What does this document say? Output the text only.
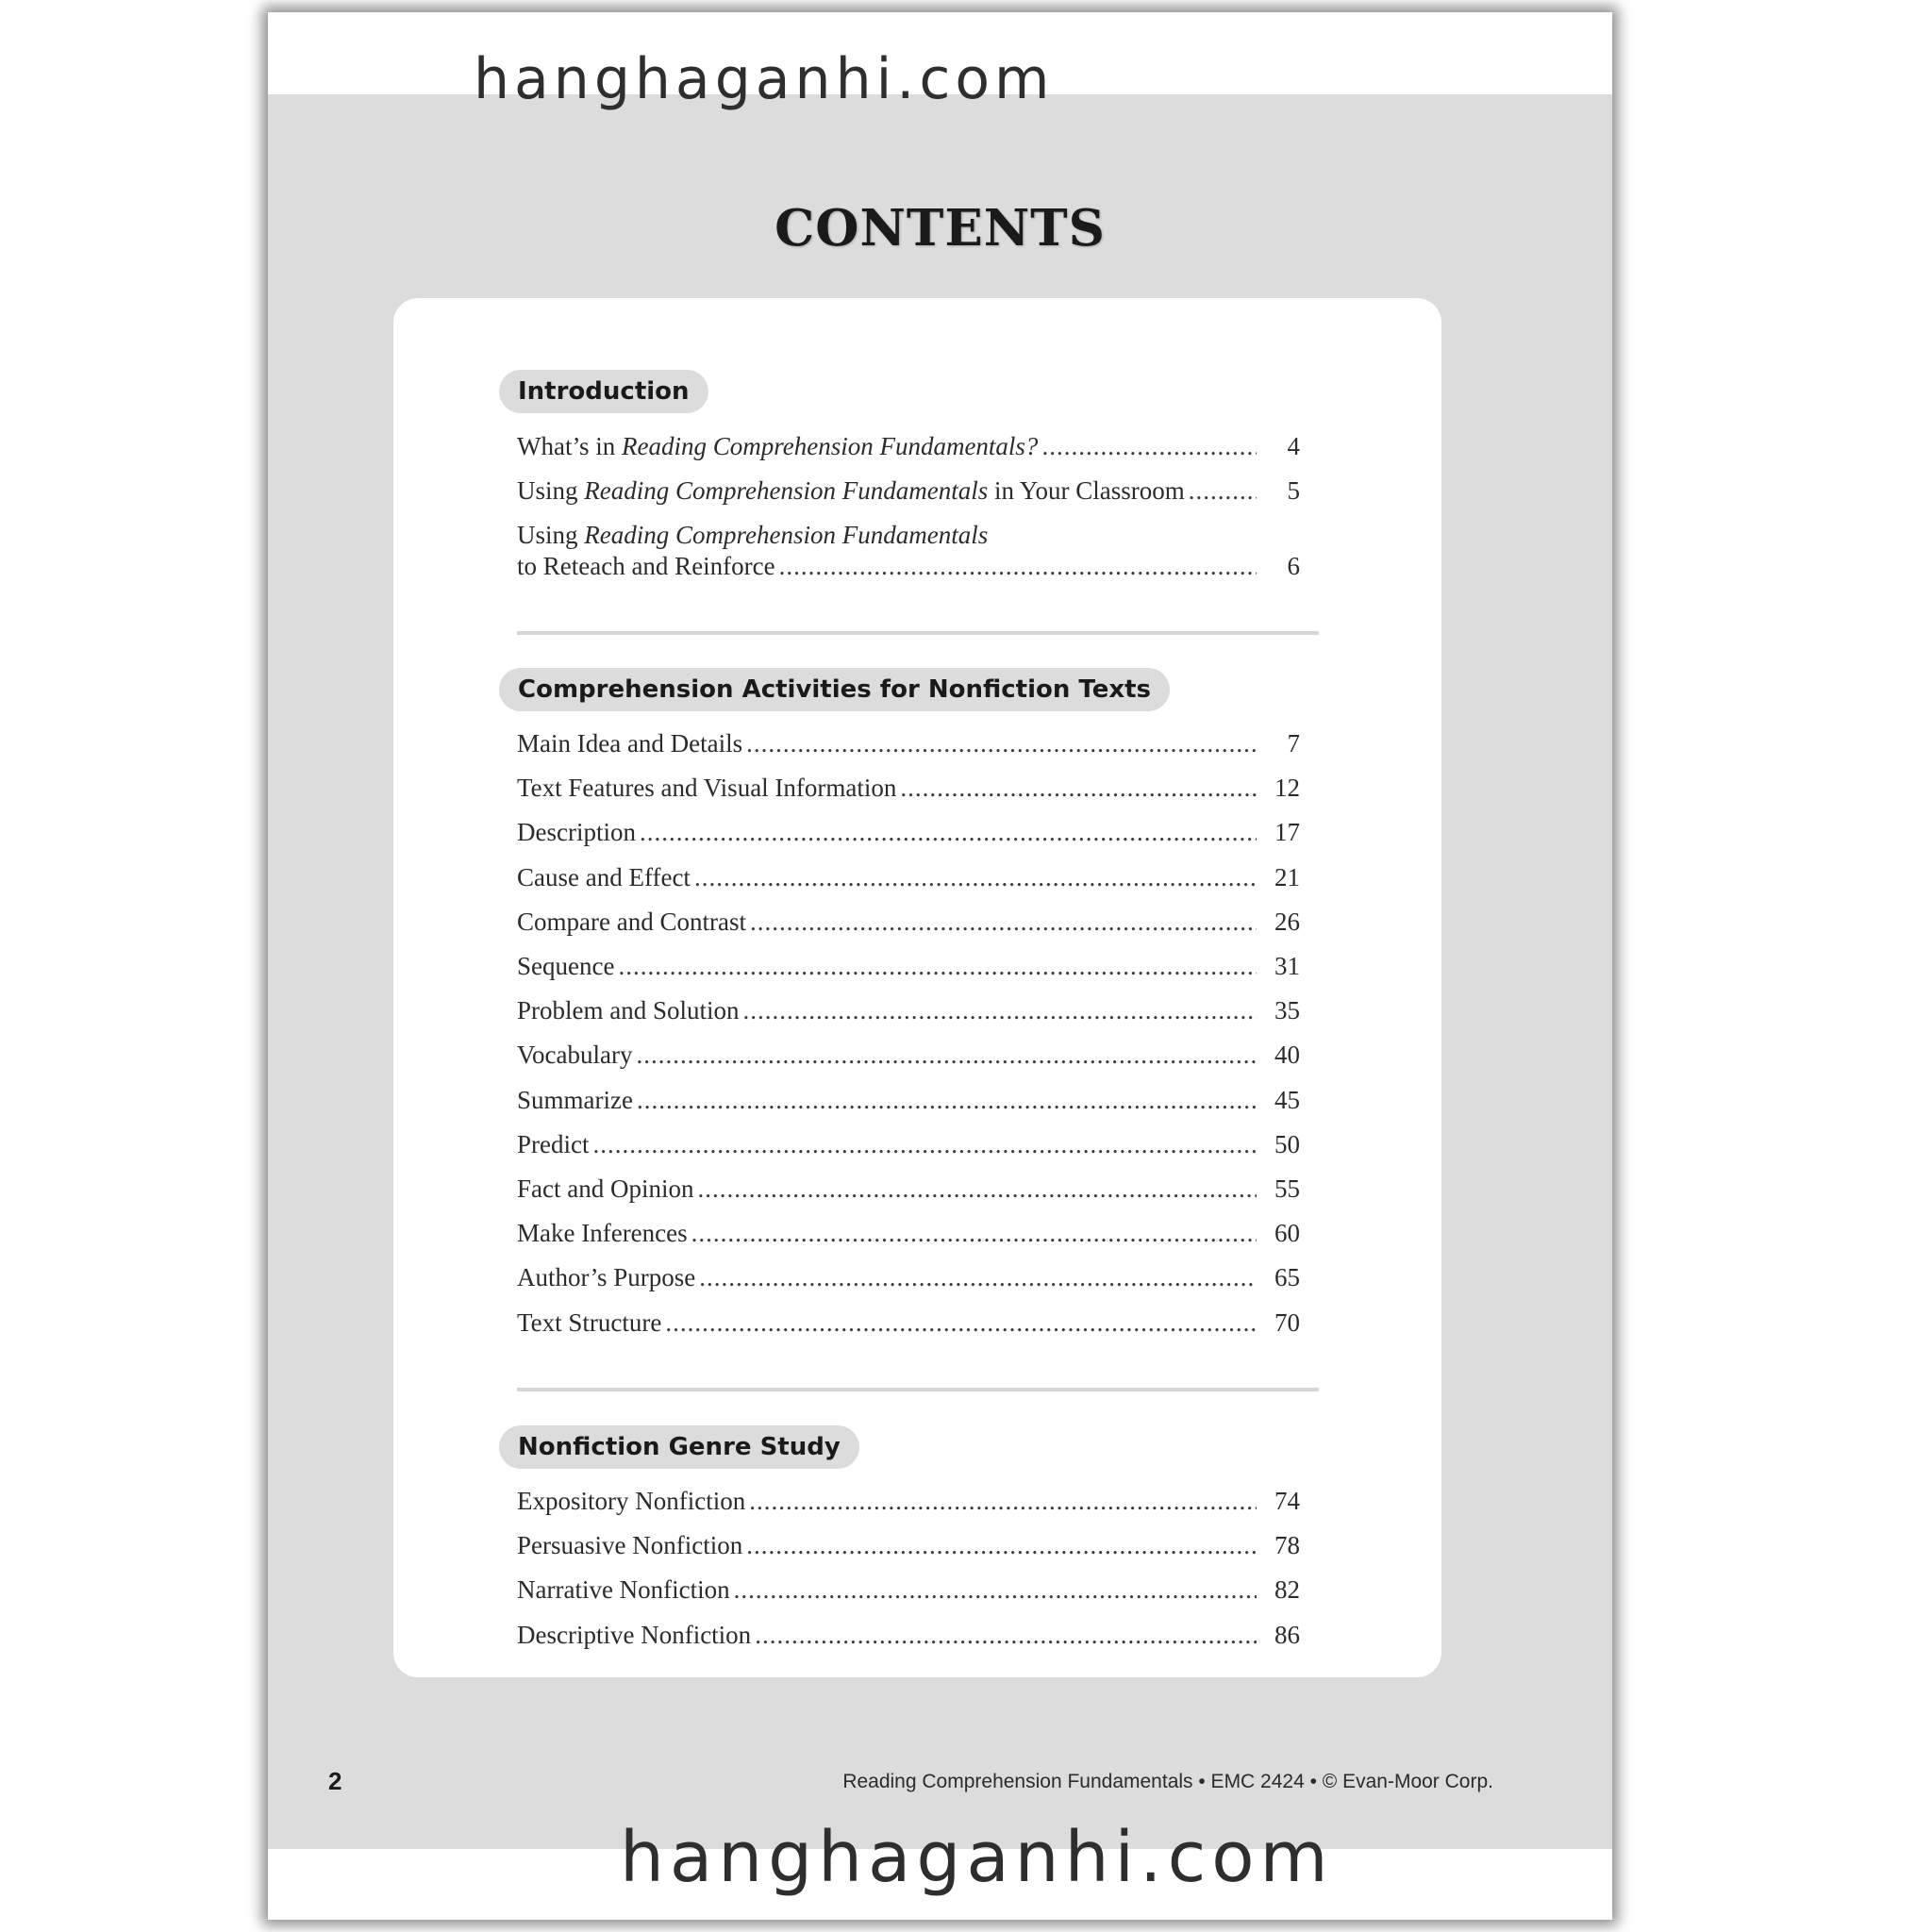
hanghaganhi.com
CONTENTS
Introduction
What’s in Reading Comprehension Fundamentals? .....	4
Using Reading Comprehension Fundamentals in Your Classroom .....	5
Using Reading Comprehension Fundamentals
to Reteach and Reinforce .....	6
Comprehension Activities for Nonfiction Texts
Nonfiction Genre Study
Main Idea and Details .....	7
Text Features and Visual Information .....	12
Description .....	17
Cause and Effect .....	21
Compare and Contrast .....	26
Sequence .....	31
Problem and Solution .....	35
Vocabulary .....	40
Summarize .....	45
Predict .....	50
Fact and Opinion .....	55
Make Inferences .....	60
Author’s Purpose .....	65
Text Structure .....	70
Expository Nonfiction .....	74
Persuasive Nonfiction .....	78
Narrative Nonfiction .....	82
Descriptive Nonfiction .....	86
2	Reading Comprehension Fundamentals • EMC 2424 • © Evan-Moor Corp.
hanghaganhi.com
